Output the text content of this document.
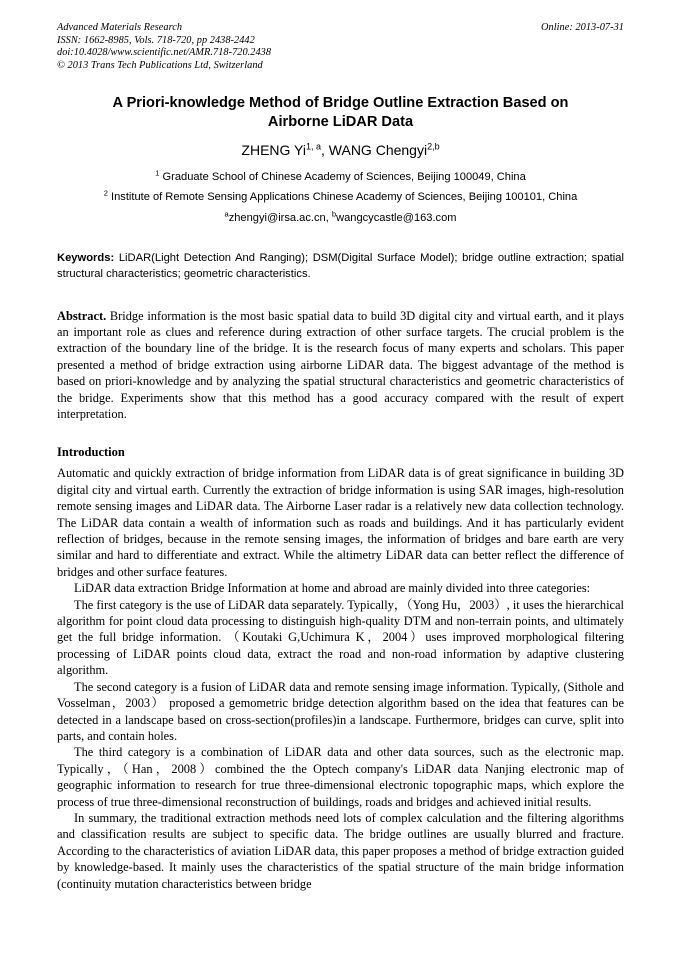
Online: 2013-07-31
Advanced Materials Research
ISSN: 1662-8985, Vols. 718-720, pp 2438-2442
doi:10.4028/www.scientific.net/AMR.718-720.2438
© 2013 Trans Tech Publications Ltd, Switzerland
A Priori-knowledge Method of Bridge Outline Extraction Based on Airborne LiDAR Data
ZHENG Yi$^{1, a}$, WANG Chengyi$^{2,b}$
$^1$ Graduate School of Chinese Academy of Sciences, Beijing 100049, China
$^2$ Institute of Remote Sensing Applications Chinese Academy of Sciences, Beijing 100101, China
$^a$zhengyi@irsa.ac.cn, $^b$wangcycastle@163.com
Keywords: LiDAR(Light Detection And Ranging); DSM(Digital Surface Model); bridge outline extraction; spatial structural characteristics; geometric characteristics.
Abstract. Bridge information is the most basic spatial data to build 3D digital city and virtual earth, and it plays an important role as clues and reference during extraction of other surface targets. The crucial problem is the extraction of the boundary line of the bridge. It is the research focus of many experts and scholars. This paper presented a method of bridge extraction using airborne LiDAR data. The biggest advantage of the method is based on priori-knowledge and by analyzing the spatial structural characteristics and geometric characteristics of the bridge. Experiments show that this method has a good accuracy compared with the result of expert interpretation.
Introduction

Automatic and quickly extraction of bridge information from LiDAR data is of great significance in building 3D digital city and virtual earth. Currently the extraction of bridge information is using SAR images, high-resolution remote sensing images and LiDAR data. The Airborne Laser radar is a relatively new data collection technology. The LiDAR data contain a wealth of information such as roads and buildings. And it has particularly evident reflection of bridges, because in the remote sensing images, the information of bridges and bare earth are very similar and hard to differentiate and extract. While the altimetry LiDAR data can better reflect the difference of bridges and other surface features.

LiDAR data extraction Bridge Information at home and abroad are mainly divided into three categories:

The first category is the use of LiDAR data separately. Typically，（Yong Hu，2003）, it uses the hierarchical algorithm for point cloud data processing to distinguish high-quality DTM and non-terrain points, and ultimately get the full bridge information. （Koutaki G,Uchimura K，2004）uses improved morphological filtering processing of LiDAR points cloud data, extract the road and non-road information by adaptive clustering algorithm.

The second category is a fusion of LiDAR data and remote sensing image information. Typically, (Sithole and Vosselman，2003） proposed a gemometric bridge detection algorithm based on the idea that features can be detected in a landscape based on cross-section(profiles)in a landscape. Furthermore, bridges can curve, split into parts, and contain holes.

The third category is a combination of LiDAR data and other data sources, such as the electronic map. Typically，（Han，2008）combined the the Optech company's LiDAR data Nanjing electronic map of geographic information to research for true three-dimensional electronic topographic maps, which explore the process of true three-dimensional reconstruction of buildings, roads and bridges and achieved initial results.

In summary, the traditional extraction methods need lots of complex calculation and the filtering algorithms and classification results are subject to specific data. The bridge outlines are usually blurred and fracture. According to the characteristics of aviation LiDAR data, this paper proposes a method of bridge extraction guided by knowledge-based. It mainly uses the characteristics of the spatial structure of the main bridge information (continuity mutation characteristics between bridge
